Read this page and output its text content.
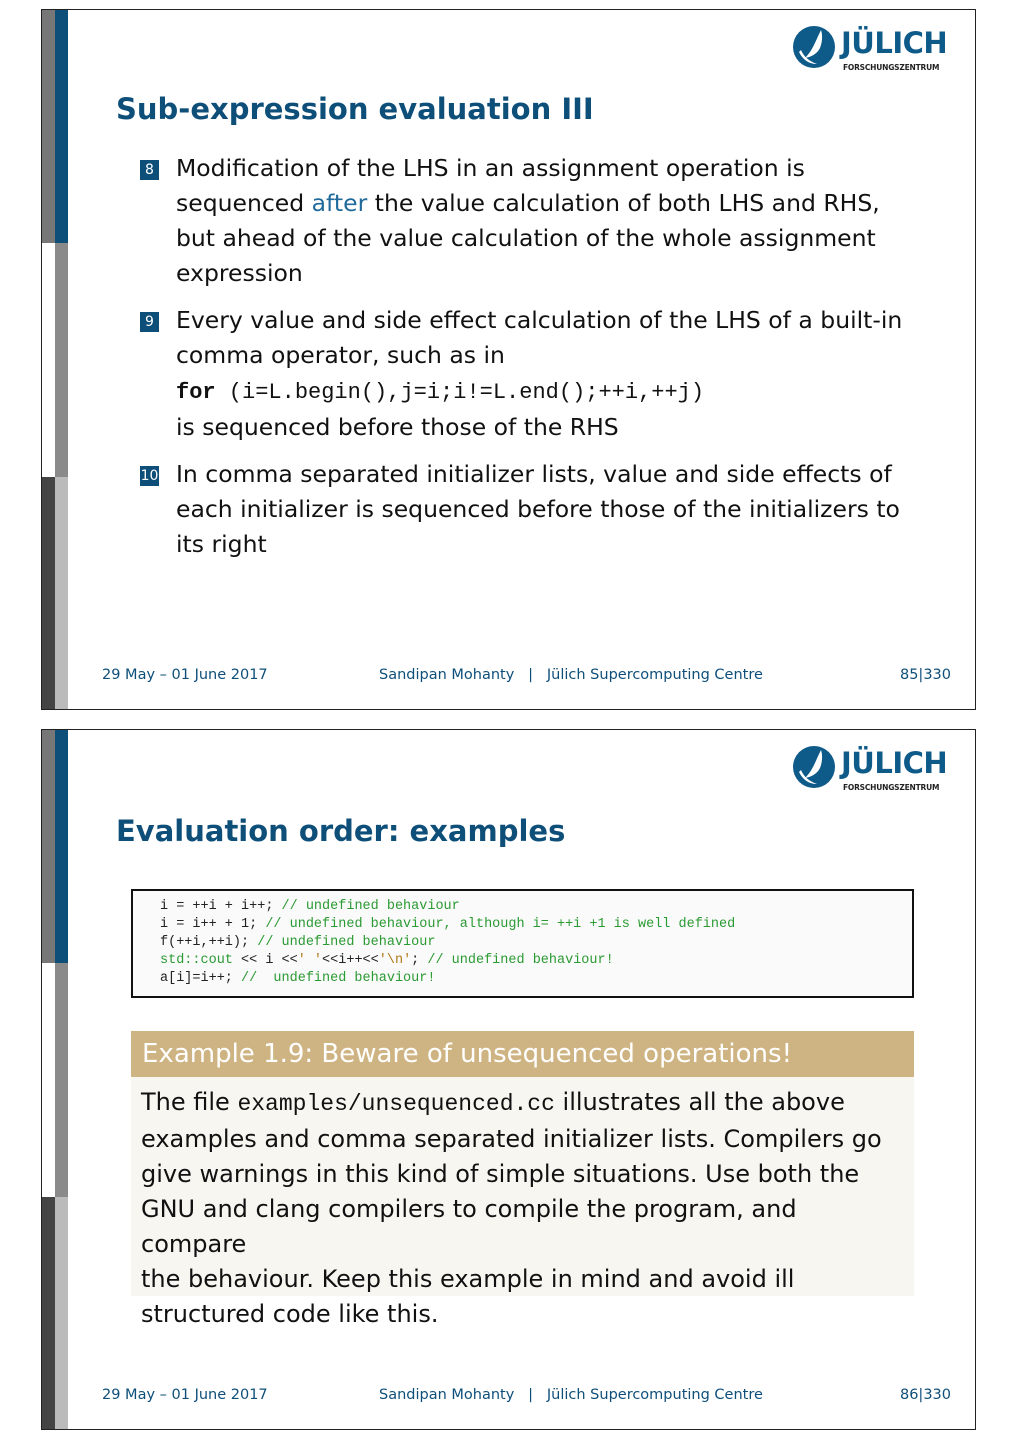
JÜLICH
FORSCHUNGSZENTRUM
Sub-expression evaluation III
8 Modification of the LHS in an assignment operation is
sequenced after the value calculation of both LHS and RHS,
but ahead of the value calculation of the whole assignment
expression
9 Every value and side effect calculation of the LHS of a built-in
comma operator, such as in
for (i=L.begin(),j=i;i!=L.end();++i,++j)
is sequenced before those of the RHS
10 In comma separated initializer lists, value and side effects of
each initializer is sequenced before those of the initializers to
its right
29 May – 01 June 2017	Sandipan Mohanty | Jülich Supercomputing Centre	85|330
JÜLICH
FORSCHUNGSZENTRUM
Evaluation order: examples
i = ++i + i++; // undefined behaviour
i = i++ + 1; // undefined behaviour, although i= ++i +1 is well defined
f(++i,++i); // undefined behaviour
std::cout << i <<' '<<i++<<'\n'; // undefined behaviour!
a[i]=i++; //  undefined behaviour!
Example 1.9: Beware of unsequenced operations!
The file examples/unsequenced.cc illustrates all the above
examples and comma separated initializer lists. Compilers go
give warnings in this kind of simple situations. Use both the
GNU and clang compilers to compile the program, and compare
the behaviour. Keep this example in mind and avoid ill
structured code like this.
29 May – 01 June 2017	Sandipan Mohanty | Jülich Supercomputing Centre	86|330
